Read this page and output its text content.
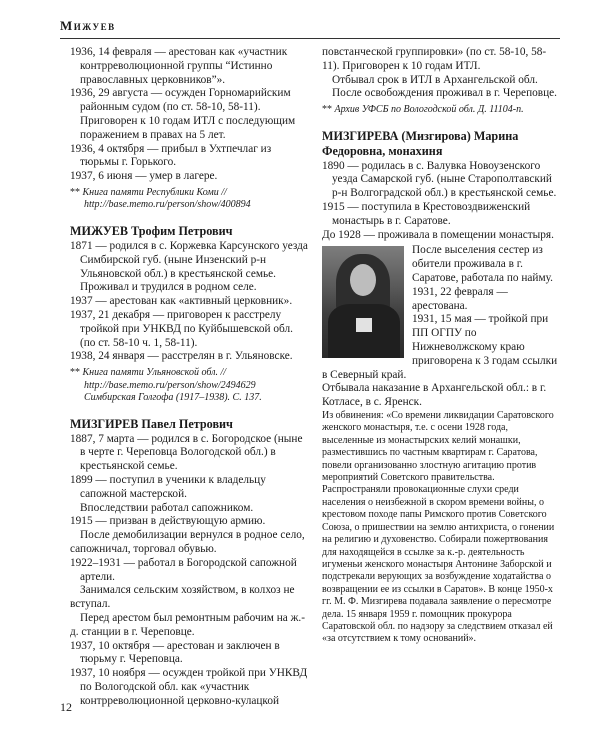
Мижуев

1936, 14 февраля — арестован как «участник контрреволюционной группы “Истинно православных церковников”».

1936, 29 августа — осужден Горномарийским районным судом (по ст. 58-10, 58-11). Приговорен к 10 годам ИТЛ с последующим поражением в правах на 5 лет.

1936, 4 октября — прибыл в Ухтпечлаг из тюрьмы г. Горького.

1937, 6 июня — умер в лагере.

** Книга памяти Республики Коми // http://base.memo.ru/person/show/400894

МИЖУЕВ Трофим Петрович

1871 — родился в с. Коржевка Карсунского уезда Симбирской губ. (ныне Инзенский р-н Ульяновской обл.) в крестьянской семье.

Проживал и трудился в родном селе.

1937 — арестован как «активный церковник».

1937, 21 декабря — приговорен к расстрелу тройкой при УНКВД по Куйбышевской обл. (по ст. 58-10 ч. 1, 58-11).

1938, 24 января — расстрелян в г. Ульяновске.

** Книга памяти Ульяновской обл. // http://base.memo.ru/person/show/2494629 Симбирская Голгофа (1917–1938). С. 137.

МИЗГИРЕВ Павел Петрович

1887, 7 марта — родился в с. Богородское (ныне в черте г. Череповца Вологодской обл.) в крестьянской семье.

1899 — поступил в ученики к владельцу сапожной мастерской.

Впоследствии работал сапожником.

1915 — призван в действующую армию.

После демобилизации вернулся в родное село, сапожничал, торговал обувью.

1922–1931 — работал в Богородской сапожной артели.

Занимался сельским хозяйством, в колхоз не вступал.

Перед арестом был ремонтным рабочим на ж.-д. станции в г. Череповце.

1937, 10 октября — арестован и заключен в тюрьму г. Череповца.

1937, 10 ноября — осужден тройкой при УНКВД по Вологодской обл. как «участник контрреволюционной церковно-кулацкой

повстанческой группировки» (по ст. 58-10, 58-11). Приговорен к 10 годам ИТЛ.

Отбывал срок в ИТЛ в Архангельской обл.

После освобождения проживал в г. Череповце.

** Архив УФСБ по Вологодской обл. Д. 11104-п.

МИЗГИРЕВА (Мизгирова) Марина Федоровна, монахиня

1890 — родилась в с. Валувка Новоузенского уезда Самарской губ. (ныне Старополтавский р-н Волгоградской обл.) в крестьянской семье.

1915 — поступила в Крестовоздвиженский монастырь в г. Саратове.

До 1928 — проживала в помещении монастыря.

После выселения сестер из обители проживала в г. Саратове, работала по найму.

1931, 22 февраля — арестована.

1931, 15 мая — тройкой при ПП ОГПУ по Нижневолжскому краю приговорена к 3 годам ссылки в Северный край.

Отбывала наказание в Архангельской обл.: в г. Котласе, в с. Яренск.

Из обвинения: «Со времени ликвидации Саратовского женского монастыря, т.е. с осени 1928 года, выселенные из монастырских келий монашки, разместившись по частным квартирам г. Саратова, повели организованно злостную агитацию против мероприятий Советского правительства. Распространяли провокационные слухи среди населения о неизбежной в скором времени войны, о крестовом походе папы Римского против Советского Союза, о пришествии на землю антихриста, о гонении на религию и духовенство. Собирали пожертвования для находящейся в ссылке за к.-р. деятельность игуменьи женского монастыря Антонине Заборской и подстрекали верующих за возбуждение ходатайства о возвращении ее из ссылки в Саратов». В конце 1950-х гг. М. Ф. Мизгирева подавала заявление о пересмотре дела. 15 января 1959 г. помощник прокурора Саратовской обл. по надзору за следствием отказал ей «за отсутствием к тому оснований».

12
